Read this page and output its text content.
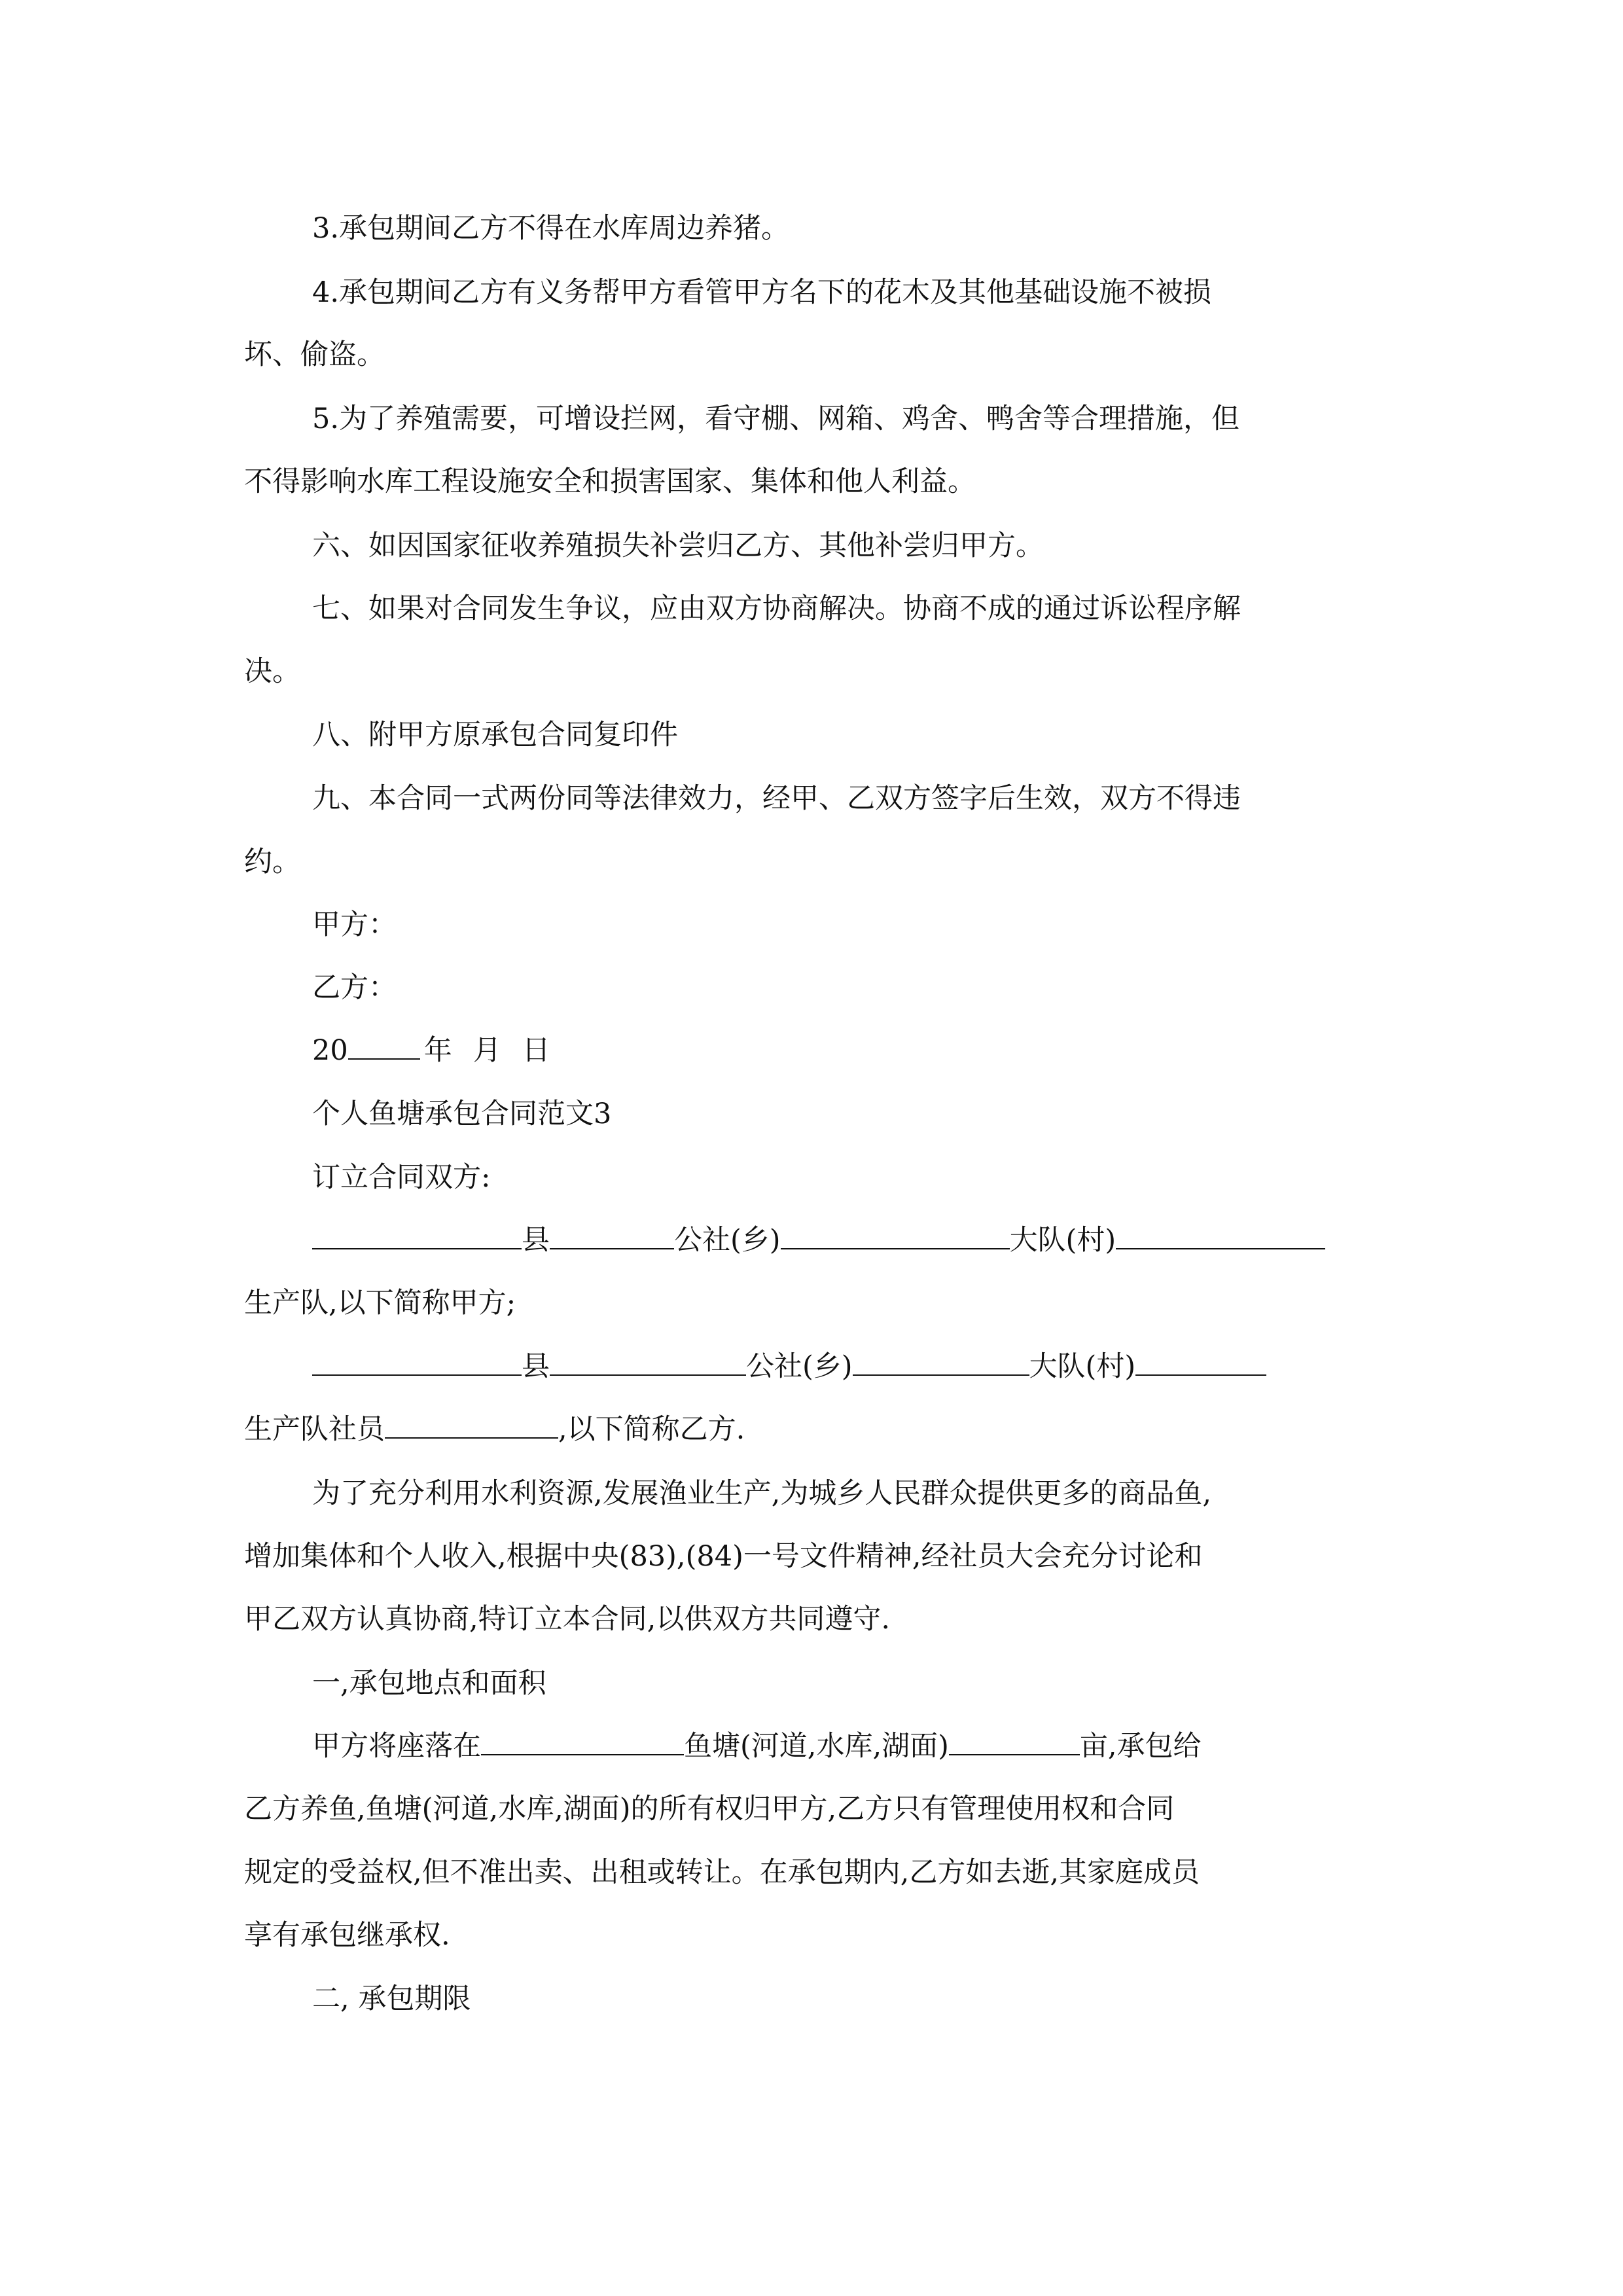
3.承包期间乙方不得在水库周边养猪。
4.承包期间乙方有义务帮甲方看管甲方名下的花木及其他基础设施不被损
坏、偷盗。
5.为了养殖需要，可增设拦网，看守棚、网箱、鸡舍、鸭舍等合理措施，但
不得影响水库工程设施安全和损害国家、集体和他人利益。
六、如因国家征收养殖损失补尝归乙方、其他补尝归甲方。
七、如果对合同发生争议，应由双方协商解决。协商不成的通过诉讼程序解
决。
八、附甲方原承包合同复印件
九、本合同一式两份同等法律效力，经甲、乙双方签字后生效，双方不得违
约。
甲方：
乙方：
20	年 月 日
个人鱼塘承包合同范文3
订立合同双方:
县	公社(乡)	大队(村)
生产队,以下简称甲方;
县	公社(乡)	大队(村)
生产队社员	,以下简称乙方.
为了充分利用水利资源,发展渔业生产,为城乡人民群众提供更多的商品鱼,
增加集体和个人收入,根据中央(83),(84)一号文件精神,经社员大会充分讨论和
甲乙双方认真协商,特订立本合同,以供双方共同遵守.
一,承包地点和面积
甲方将座落在	鱼塘(河道,水库,湖面)	亩,承包给
乙方养鱼,鱼塘(河道,水库,湖面)的所有权归甲方,乙方只有管理使用权和合同
规定的受益权,但不准出卖、出租或转让。在承包期内,乙方如去逝,其家庭成员
享有承包继承权.
二, 承包期限
